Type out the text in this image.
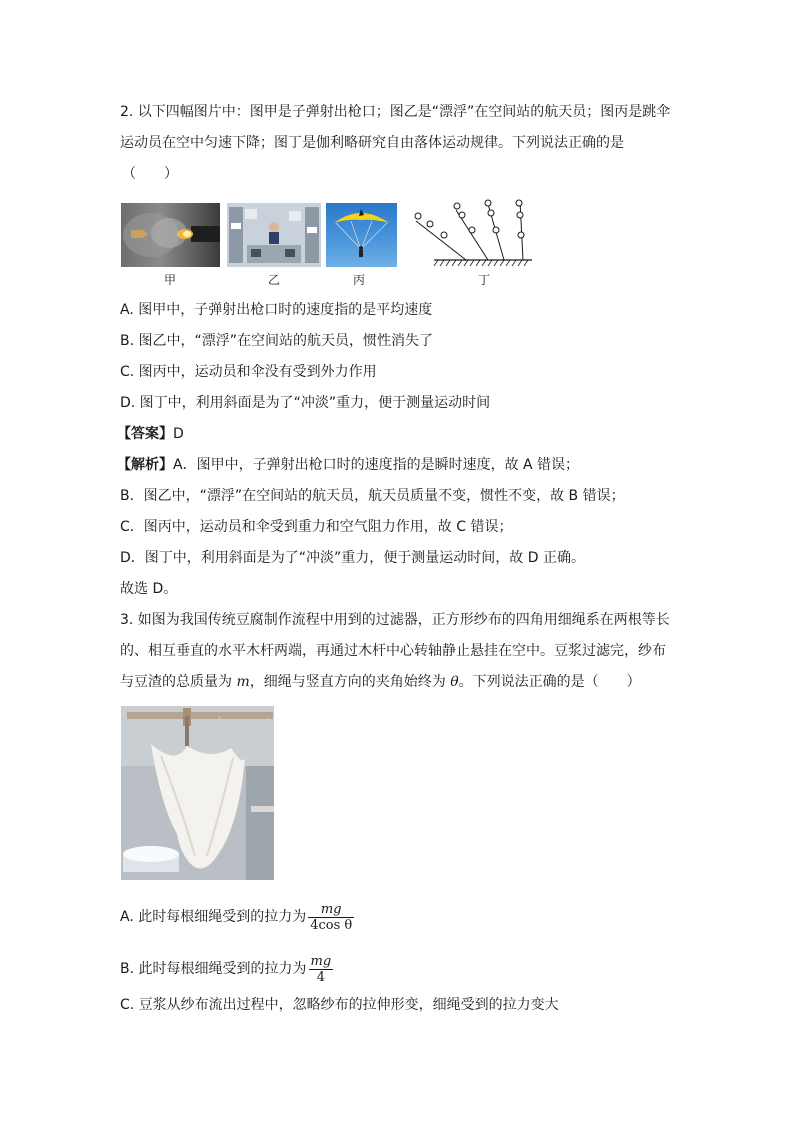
2. 以下四幅图片中：图甲是子弹射出枪口；图乙是“漂浮”在空间站的航天员；图丙是跳伞
运动员在空中匀速下降；图丁是伽利略研究自由落体运动规律。下列说法正确的是
（　　）
甲	乙	丙	丁
A. 图甲中，子弹射出枪口时的速度指的是平均速度
B. 图乙中，“漂浮”在空间站的航天员，惯性消失了
C. 图丙中，运动员和伞没有受到外力作用
D. 图丁中，利用斜面是为了“冲淡”重力，便于测量运动时间
【答案】D
【解析】A．图甲中，子弹射出枪口时的速度指的是瞬时速度，故 A 错误；
B．图乙中，“漂浮”在空间站的航天员，航天员质量不变，惯性不变，故 B 错误；
C．图丙中，运动员和伞受到重力和空气阻力作用，故 C 错误；
D．图丁中，利用斜面是为了“冲淡”重力，便于测量运动时间，故 D 正确。
故选 D。
3. 如图为我国传统豆腐制作流程中用到的过滤器，正方形纱布的四角用细绳系在两根等长
的、相互垂直的水平木杆两端，再通过木杆中心转轴静止悬挂在空中。豆浆过滤完，纱布
与豆渣的总质量为 m，细绳与竖直方向的夹角始终为 θ。下列说法正确的是（　　）
A. 此时每根细绳受到的拉力为 $\frac{mg}{\text{4cos θ}}$
B. 此时每根细绳受到的拉力为 $\frac{mg}{4}$
C. 豆浆从纱布流出过程中，忽略纱布的拉伸形变，细绳受到的拉力变大
